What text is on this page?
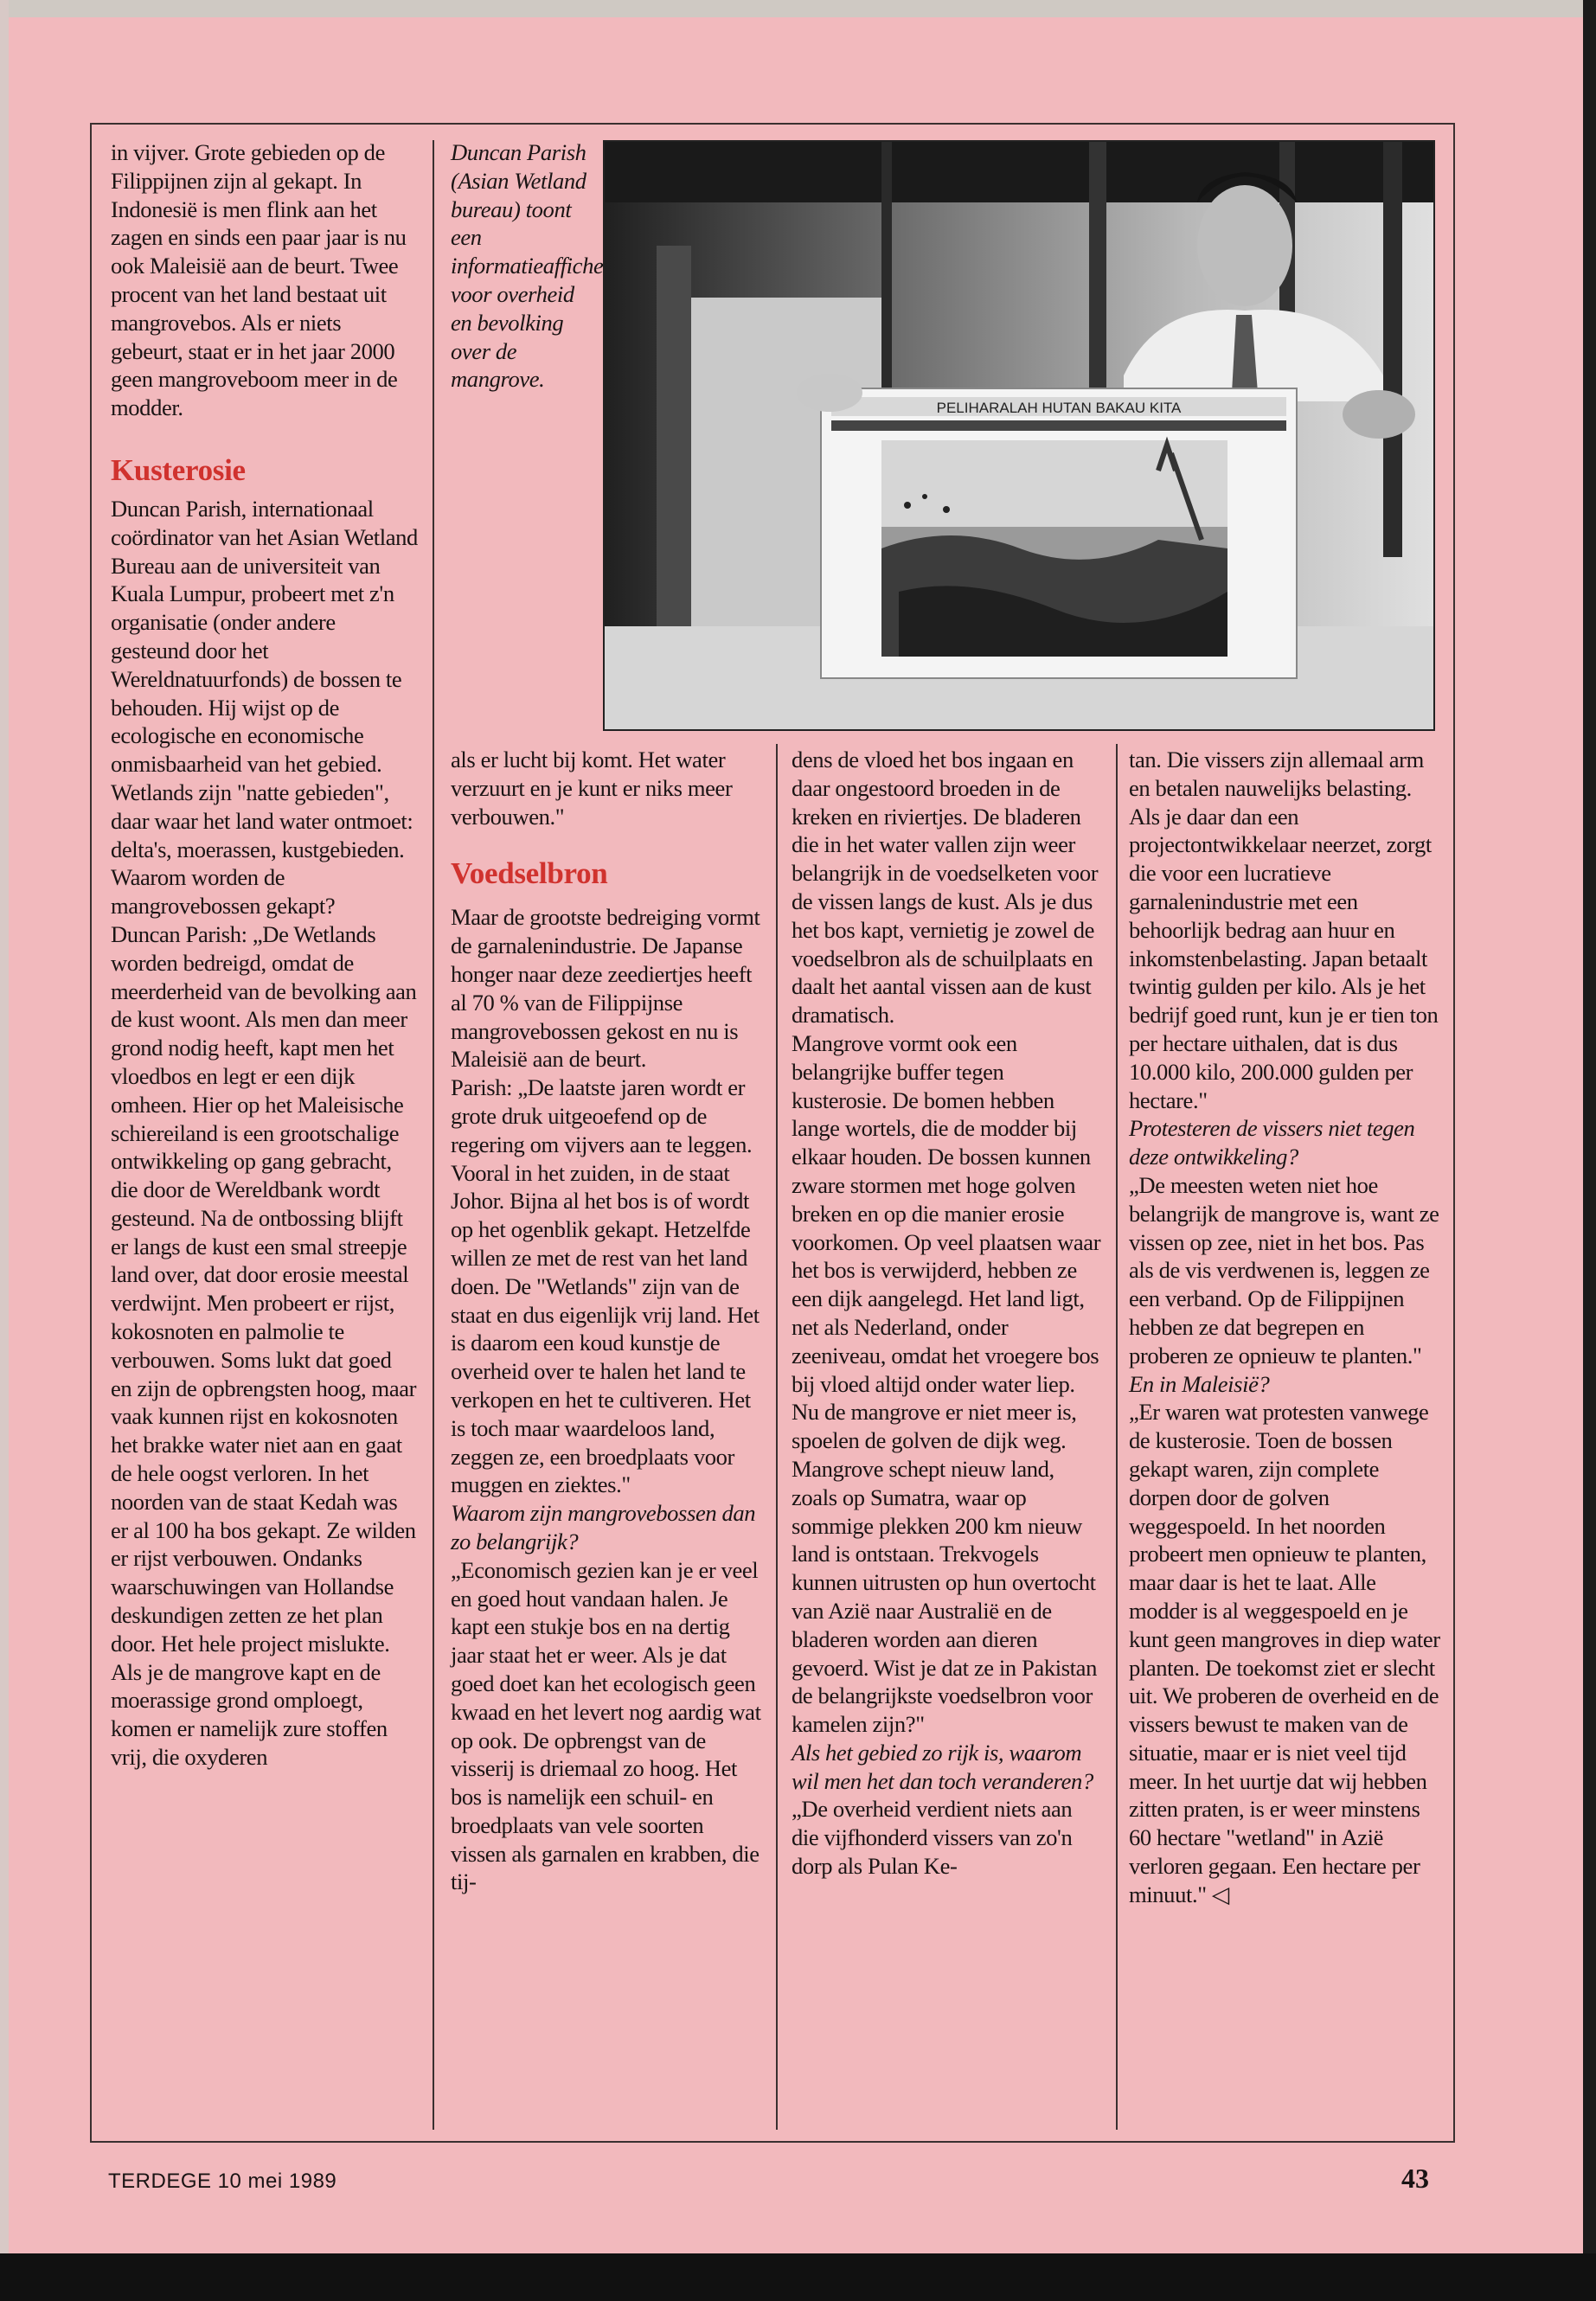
in vijver. Grote gebieden op de Filippijnen zijn al gekapt. In Indonesië is men flink aan het zagen en sinds een paar jaar is nu ook Maleisië aan de beurt. Twee procent van het land bestaat uit mangrovebos. Als er niets gebeurt, staat er in het jaar 2000 geen mangroveboom meer in de modder.

Kusterosie

Duncan Parish, internationaal coördinator van het Asian Wetland Bureau aan de universiteit van Kuala Lumpur, probeert met z'n organisatie (onder andere gesteund door het Wereldnatuurfonds) de bossen te behouden. Hij wijst op de ecologische en economische onmisbaarheid van het gebied. Wetlands zijn "natte gebieden", daar waar het land water ontmoet: delta's, moerassen, kustgebieden. Waarom worden de mangrovebossen gekapt?

Duncan Parish: „De Wetlands worden bedreigd, omdat de meerderheid van de bevolking aan de kust woont. Als men dan meer grond nodig heeft, kapt men het vloedbos en legt er een dijk omheen. Hier op het Maleisische schiereiland is een grootschalige ontwikkeling op gang gebracht, die door de Wereldbank wordt gesteund. Na de ontbossing blijft er langs de kust een smal streepje land over, dat door erosie meestal verdwijnt. Men probeert er rijst, kokosnoten en palmolie te verbouwen. Soms lukt dat goed en zijn de opbrengsten hoog, maar vaak kunnen rijst en kokosnoten het brakke water niet aan en gaat de hele oogst verloren. In het noorden van de staat Kedah was er al 100 ha bos gekapt. Ze wilden er rijst verbouwen. Ondanks waarschuwingen van Hollandse deskundigen zetten ze het plan door. Het hele project mislukte. Als je de mangrove kapt en de moerassige grond omploegt, komen er namelijk zure stoffen vrij, die oxyderen

Duncan Parish (Asian Wetland bureau) toont een informatieaffiche voor overheid en bevolking over de mangrove.

PELIHARALAH HUTAN BAKAU KITA

als er lucht bij komt. Het water verzuurt en je kunt er niks meer verbouwen."

Voedselbron

Maar de grootste bedreiging vormt de garnalenindustrie. De Japanse honger naar deze zeediertjes heeft al 70 % van de Filippijnse mangrovebossen gekost en nu is Maleisië aan de beurt.

Parish: „De laatste jaren wordt er grote druk uitgeoefend op de regering om vijvers aan te leggen. Vooral in het zuiden, in de staat Johor. Bijna al het bos is of wordt op het ogenblik gekapt. Hetzelfde willen ze met de rest van het land doen. De "Wetlands" zijn van de staat en dus eigenlijk vrij land. Het is daarom een koud kunstje de overheid over te halen het land te verkopen en het te cultiveren. Het is toch maar waardeloos land, zeggen ze, een broedplaats voor muggen en ziektes."

Waarom zijn mangrovebossen dan zo belangrijk?

„Economisch gezien kan je er veel en goed hout vandaan halen. Je kapt een stukje bos en na dertig jaar staat het er weer. Als je dat goed doet kan het ecologisch geen kwaad en het levert nog aardig wat op ook. De opbrengst van de visserij is driemaal zo hoog. Het bos is namelijk een schuil- en broedplaats van vele soorten vissen als garnalen en krabben, die tij-

dens de vloed het bos ingaan en daar ongestoord broeden in de kreken en riviertjes. De bladeren die in het water vallen zijn weer belangrijk in de voedselketen voor de vissen langs de kust. Als je dus het bos kapt, vernietig je zowel de voedselbron als de schuilplaats en daalt het aantal vissen aan de kust dramatisch.

Mangrove vormt ook een belangrijke buffer tegen kusterosie. De bomen hebben lange wortels, die de modder bij elkaar houden. De bossen kunnen zware stormen met hoge golven breken en op die manier erosie voorkomen. Op veel plaatsen waar het bos is verwijderd, hebben ze een dijk aangelegd. Het land ligt, net als Nederland, onder zeeniveau, omdat het vroegere bos bij vloed altijd onder water liep. Nu de mangrove er niet meer is, spoelen de golven de dijk weg. Mangrove schept nieuw land, zoals op Sumatra, waar op sommige plekken 200 km nieuw land is ontstaan. Trekvogels kunnen uitrusten op hun overtocht van Azië naar Australië en de bladeren worden aan dieren gevoerd. Wist je dat ze in Pakistan de belangrijkste voedselbron voor kamelen zijn?"

Als het gebied zo rijk is, waarom wil men het dan toch veranderen?

„De overheid verdient niets aan die vijfhonderd vissers van zo'n dorp als Pulan Ke-

tan. Die vissers zijn allemaal arm en betalen nauwelijks belasting. Als je daar dan een projectontwikkelaar neerzet, zorgt die voor een lucratieve garnalenindustrie met een behoorlijk bedrag aan huur en inkomstenbelasting. Japan betaalt twintig gulden per kilo. Als je het bedrijf goed runt, kun je er tien ton per hectare uithalen, dat is dus 10.000 kilo, 200.000 gulden per hectare."

Protesteren de vissers niet tegen deze ontwikkeling?

„De meesten weten niet hoe belangrijk de mangrove is, want ze vissen op zee, niet in het bos. Pas als de vis verdwenen is, leggen ze een verband. Op de Filippijnen hebben ze dat begrepen en proberen ze opnieuw te planten."

En in Maleisië?

„Er waren wat protesten vanwege de kusterosie. Toen de bossen gekapt waren, zijn complete dorpen door de golven weggespoeld. In het noorden probeert men opnieuw te planten, maar daar is het te laat. Alle modder is al weggespoeld en je kunt geen mangroves in diep water planten. De toekomst ziet er slecht uit. We proberen de overheid en de vissers bewust te maken van de situatie, maar er is niet veel tijd meer. In het uurtje dat wij hebben zitten praten, is er weer minstens 60 hectare "wetland" in Azië verloren gegaan. Een hectare per minuut." ◁

TERDEGE 10 mei 1989	43
